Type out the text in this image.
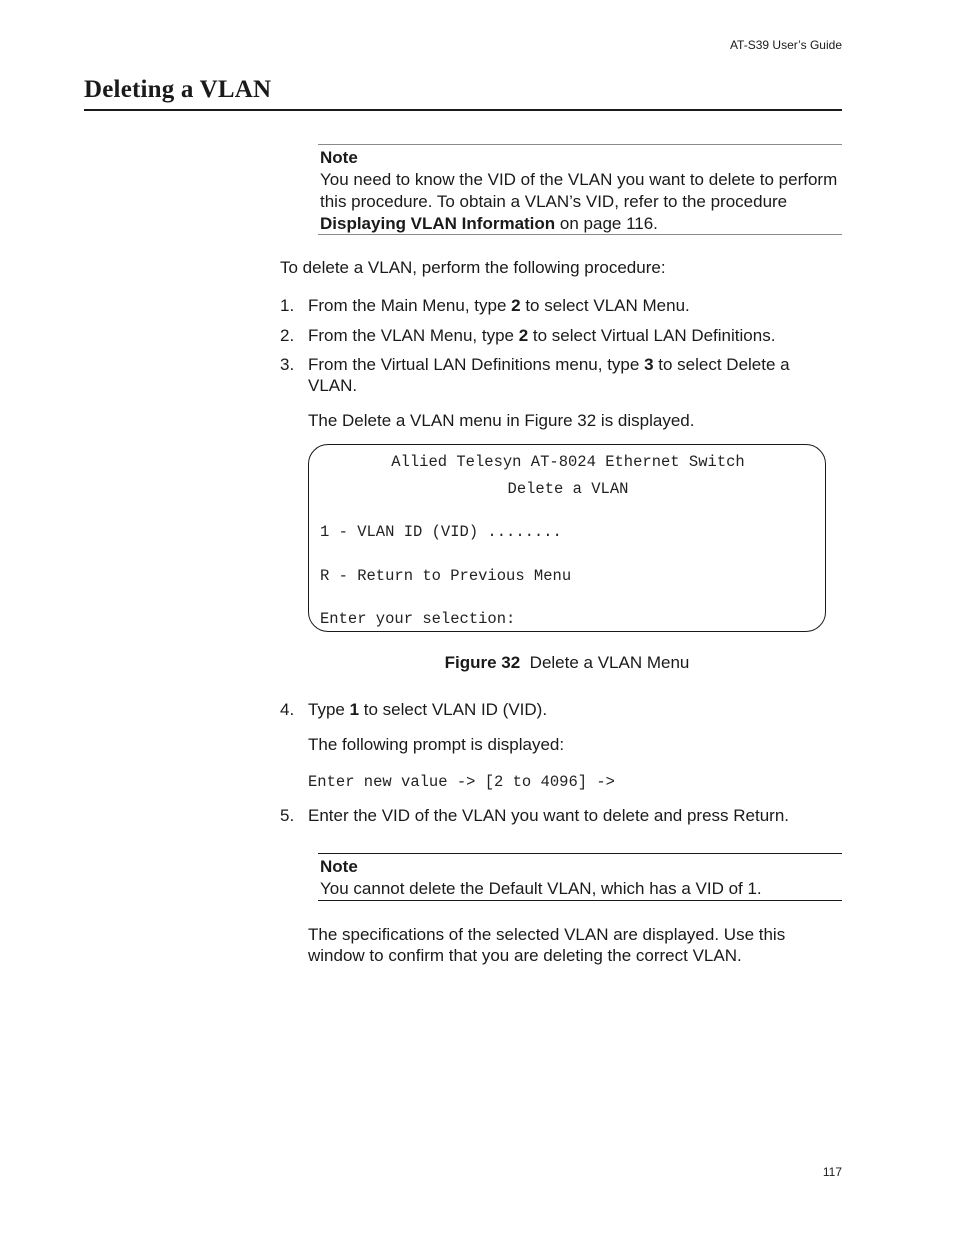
AT-S39 User’s Guide
Deleting a VLAN
Note
You need to know the VID of the VLAN you want to delete to perform this procedure. To obtain a VLAN’s VID, refer to the procedure Displaying VLAN Information on page 116.
To delete a VLAN, perform the following procedure:
1. From the Main Menu, type 2 to select VLAN Menu.
2. From the VLAN Menu, type 2 to select Virtual LAN Definitions.
3. From the Virtual LAN Definitions menu, type 3 to select Delete a VLAN.
The Delete a VLAN menu in Figure 32 is displayed.
Allied Telesyn AT-8024 Ethernet Switch
Delete a VLAN
1 - VLAN ID (VID) ........
R - Return to Previous Menu
Enter your selection:
Figure 32 Delete a VLAN Menu
4. Type 1 to select VLAN ID (VID).
The following prompt is displayed:
Enter new value -> [2 to 4096] ->
5. Enter the VID of the VLAN you want to delete and press Return.
Note
You cannot delete the Default VLAN, which has a VID of 1.
The specifications of the selected VLAN are displayed. Use this window to confirm that you are deleting the correct VLAN.
117
